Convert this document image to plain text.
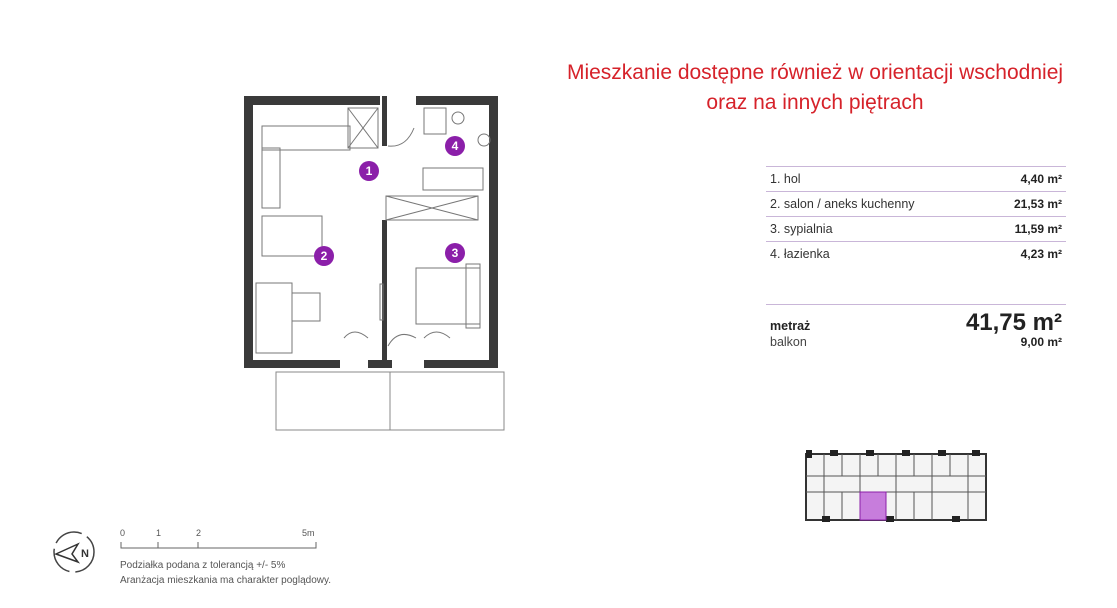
Mieszkanie dostępne również w orientacji wschodniej
oraz na innych piętrach
1
2	3
4
1. hol	4,40 m²
2. salon / aneks kuchenny	21,53 m²
3. sypialnia	11,59 m²
4. łazienka	4,23 m²
metraż	41,75 m²
balkon	9,00 m²
N
0	1	2	5m
Podziałka podana z tolerancją +/- 5%
Aranżacja mieszkania ma charakter poglądowy.
